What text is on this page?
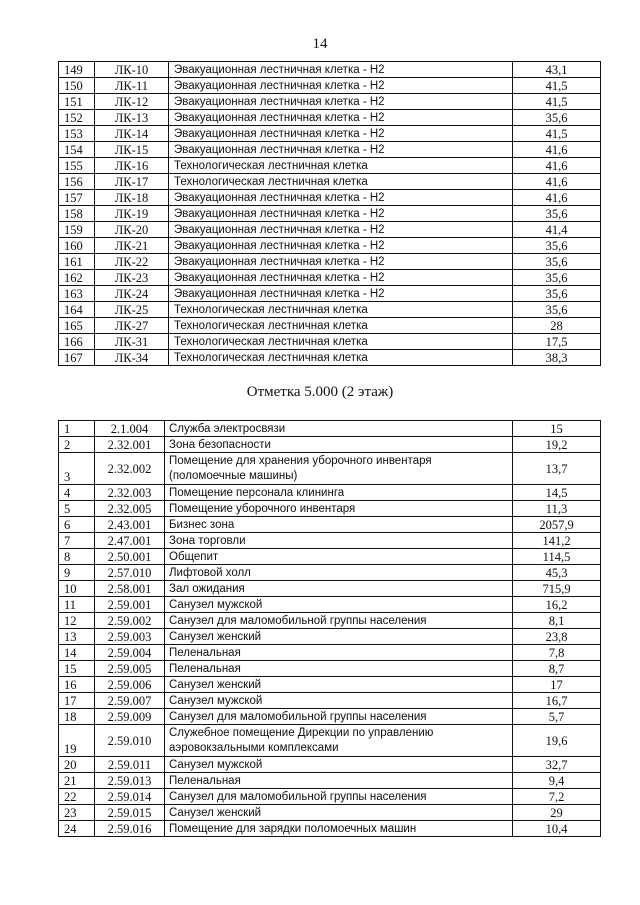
14
149	ЛК-10	Эвакуационная лестничная клетка - Н2	43,1
150	ЛК-11	Эвакуационная лестничная клетка - Н2	41,5
151	ЛК-12	Эвакуационная лестничная клетка - Н2	41,5
152	ЛК-13	Эвакуационная лестничная клетка - Н2	35,6
153	ЛК-14	Эвакуационная лестничная клетка - Н2	41,5
154	ЛК-15	Эвакуационная лестничная клетка - Н2	41,6
155	ЛК-16	Технологическая лестничная клетка	41,6
156	ЛК-17	Технологическая лестничная клетка	41,6
157	ЛК-18	Эвакуационная лестничная клетка - Н2	41,6
158	ЛК-19	Эвакуационная лестничная клетка - Н2	35,6
159	ЛК-20	Эвакуационная лестничная клетка - Н2	41,4
160	ЛК-21	Эвакуационная лестничная клетка - Н2	35,6
161	ЛК-22	Эвакуационная лестничная клетка - Н2	35,6
162	ЛК-23	Эвакуационная лестничная клетка - Н2	35,6
163	ЛК-24	Эвакуационная лестничная клетка - Н2	35,6
164	ЛК-25	Технологическая лестничная клетка	35,6
165	ЛК-27	Технологическая лестничная клетка	28
166	ЛК-31	Технологическая лестничная клетка	17,5
167	ЛК-34	Технологическая лестничная клетка	38,3
Отметка 5.000 (2 этаж)
1	2.1.004	Служба электросвязи	15
2	2.32.001	Зона безопасности	19,2
3	2.32.002	Помещение для хранения уборочного инвентаря (поломоечные машины)	13,7
4	2.32.003	Помещение персонала клининга	14,5
5	2.32.005	Помещение уборочного инвентаря	11,3
6	2.43.001	Бизнес зона	2057,9
7	2.47.001	Зона торговли	141,2
8	2.50.001	Общепит	114,5
9	2.57.010	Лифтовой холл	45,3
10	2.58.001	Зал ожидания	715,9
11	2.59.001	Санузел мужской	16,2
12	2.59.002	Санузел для маломобильной группы населения	8,1
13	2.59.003	Санузел женский	23,8
14	2.59.004	Пеленальная	7,8
15	2.59.005	Пеленальная	8,7
16	2.59.006	Санузел женский	17
17	2.59.007	Санузел мужской	16,7
18	2.59.009	Санузел для маломобильной группы населения	5,7
19	2.59.010	Служебное помещение Дирекции по управлению аэровокзальными комплексами	19,6
20	2.59.011	Санузел мужской	32,7
21	2.59.013	Пеленальная	9,4
22	2.59.014	Санузел для маломобильной группы населения	7,2
23	2.59.015	Санузел женский	29
24	2.59.016	Помещение для зарядки поломоечных машин	10,4
